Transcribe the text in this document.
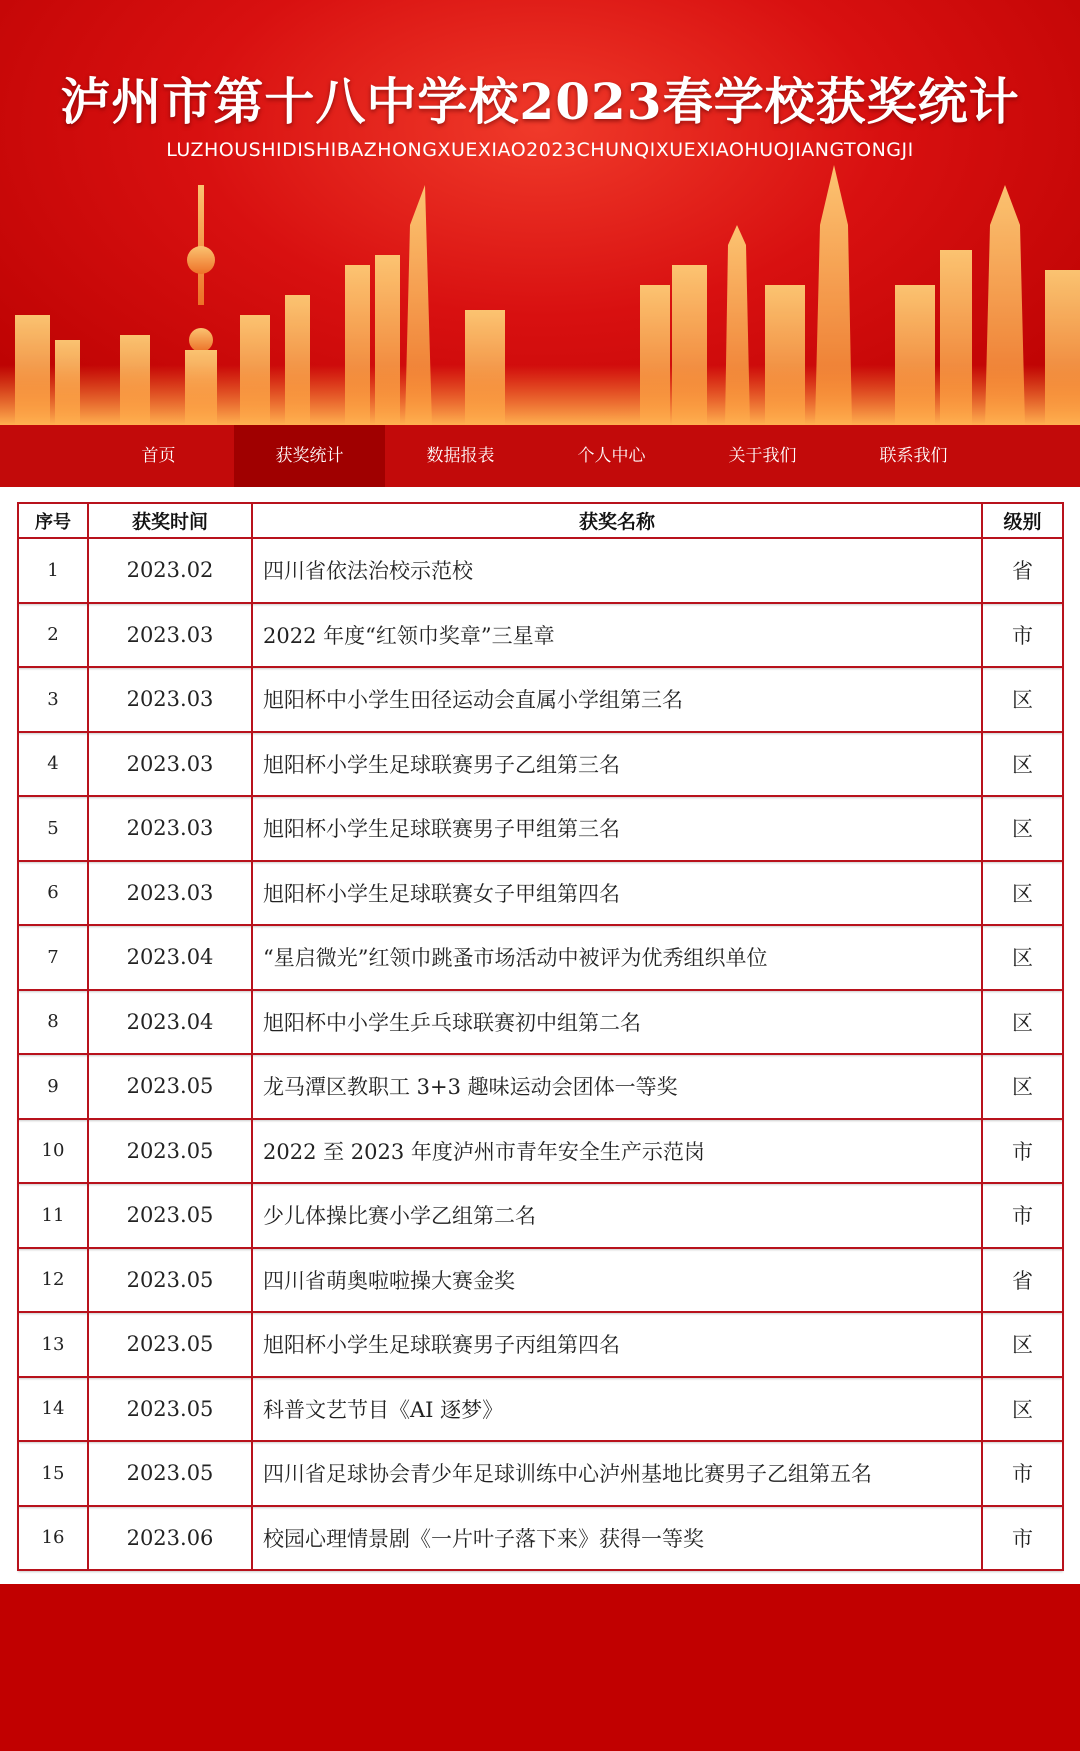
泸州市第十八中学校2023春学校获奖统计
LUZHOUSHIDISHIBAZHONGXUEXIAO2023CHUNQIXUEXIAOHUOJIANGTONGJI
首页	获奖统计	数据报表	个人中心	关于我们	联系我们
序号	获奖时间	获奖名称	级别
1	2023.02	四川省依法治校示范校	省
2	2023.03	2022 年度“红领巾奖章”三星章	市
3	2023.03	旭阳杯中小学生田径运动会直属小学组第三名	区
4	2023.03	旭阳杯小学生足球联赛男子乙组第三名	区
5	2023.03	旭阳杯小学生足球联赛男子甲组第三名	区
6	2023.03	旭阳杯小学生足球联赛女子甲组第四名	区
7	2023.04	“星启微光”红领巾跳蚤市场活动中被评为优秀组织单位	区
8	2023.04	旭阳杯中小学生乒乓球联赛初中组第二名	区
9	2023.05	龙马潭区教职工 3+3 趣味运动会团体一等奖	区
10	2023.05	2022 至 2023 年度泸州市青年安全生产示范岗	市
11	2023.05	少儿体操比赛小学乙组第二名	市
12	2023.05	四川省萌奥啦啦操大赛金奖	省
13	2023.05	旭阳杯小学生足球联赛男子丙组第四名	区
14	2023.05	科普文艺节目《AI 逐梦》	区
15	2023.05	四川省足球协会青少年足球训练中心泸州基地比赛男子乙组第五名	市
16	2023.06	校园心理情景剧《一片叶子落下来》获得一等奖	市
